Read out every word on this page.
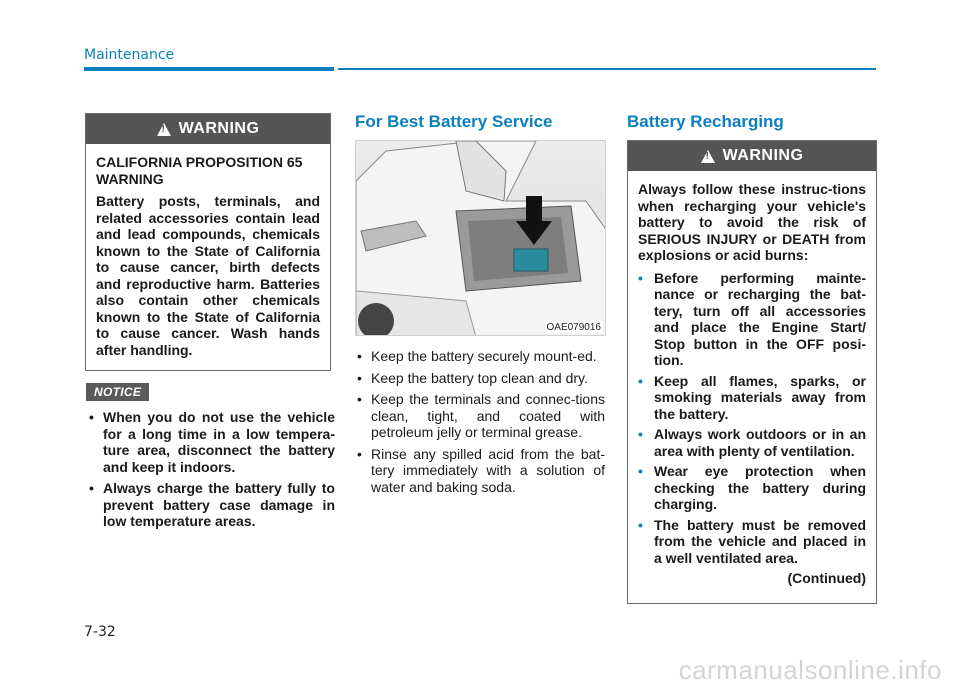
Maintenance
!
WARNING

CALIFORNIA PROPOSITION 65 WARNING

Battery posts, terminals, and related accessories contain lead and lead compounds, chemicals known to the State of California to cause cancer, birth defects and reproductive harm. Batteries also contain other chemicals known to the State of California to cause cancer. Wash hands after handling.

NOTICE
• When you do not use the vehicle for a long time in a low tempera-ture area, disconnect the battery and keep it indoors.
• Always charge the battery fully to prevent battery case damage in low temperature areas.
For Best Battery Service
OAE079016
• Keep the battery securely mount-ed.
• Keep the battery top clean and dry.
• Keep the terminals and connec-tions clean, tight, and coated with petroleum jelly or terminal grease.
• Rinse any spilled acid from the bat-tery immediately with a solution of water and baking soda.
Battery Recharging
!
WARNING

Always follow these instruc-tions when recharging your vehicle's battery to avoid the risk of SERIOUS INJURY or DEATH from explosions or acid burns:

• Before performing mainte-nance or recharging the bat-tery, turn off all accessories and place the Engine Start/ Stop button in the OFF posi-tion.
• Keep all flames, sparks, or smoking materials away from the battery.
• Always work outdoors or in an area with plenty of ventilation.
• Wear eye protection when checking the battery during charging.
• The battery must be removed from the vehicle and placed in a well ventilated area.
(Continued)
7-32
carmanualsonline.info
